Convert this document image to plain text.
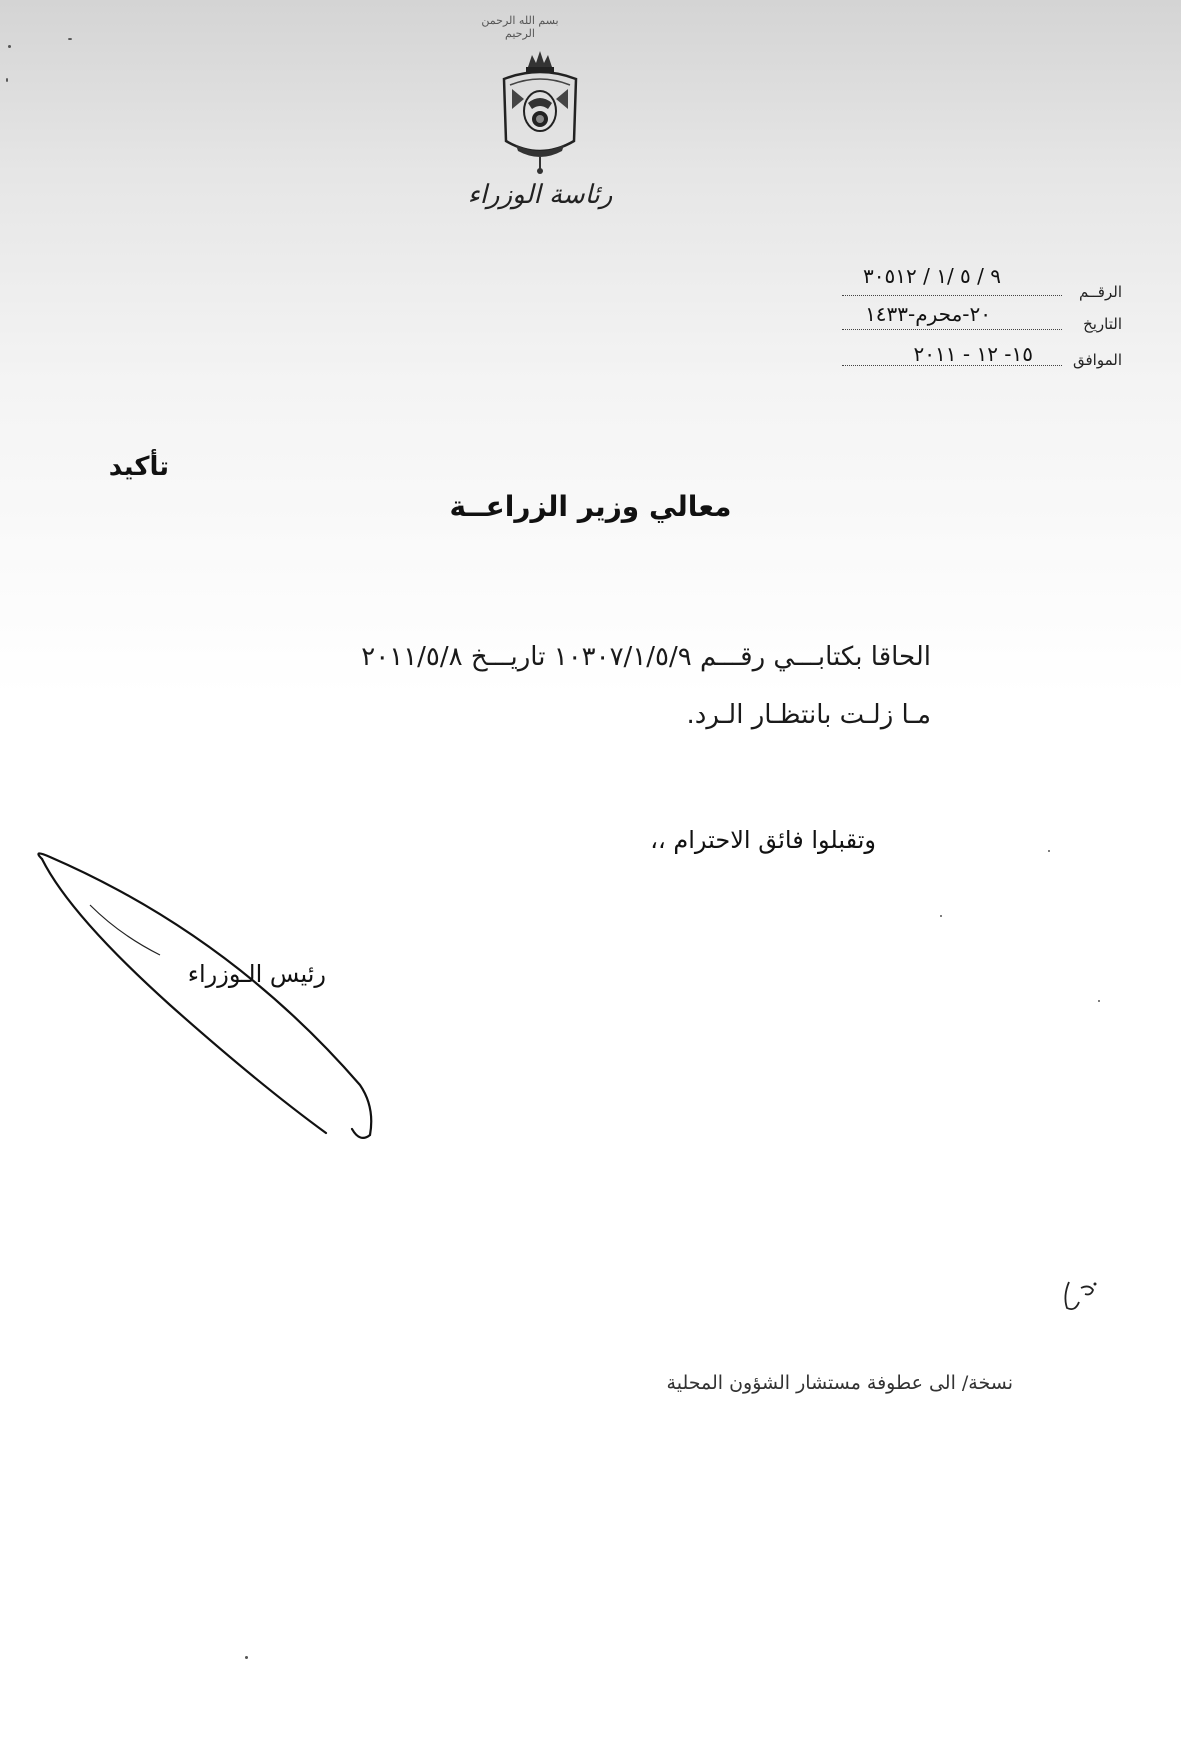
بسم الله الرحمن الرحيم
رئاسة الوزراء
الرقــم
٩ / ٥ /١ / ٣٠٥١٢
التاريخ
٢٠-محرم-١٤٣٣
الموافق
١٥- ١٢ - ٢٠١١
تأكيد
معالي وزير الزراعــة
الحاقا بكتابـــي رقـــم ١٠٣٠٧/١/٥/٩ تاريـــخ ٢٠١١/٥/٨
مـا زلـت بانتظـار الـرد.
وتقبلوا فائق الاحترام ،،
رئيس الـوزراء
نسخة/ الى عطوفة مستشار الشؤون المحلية
